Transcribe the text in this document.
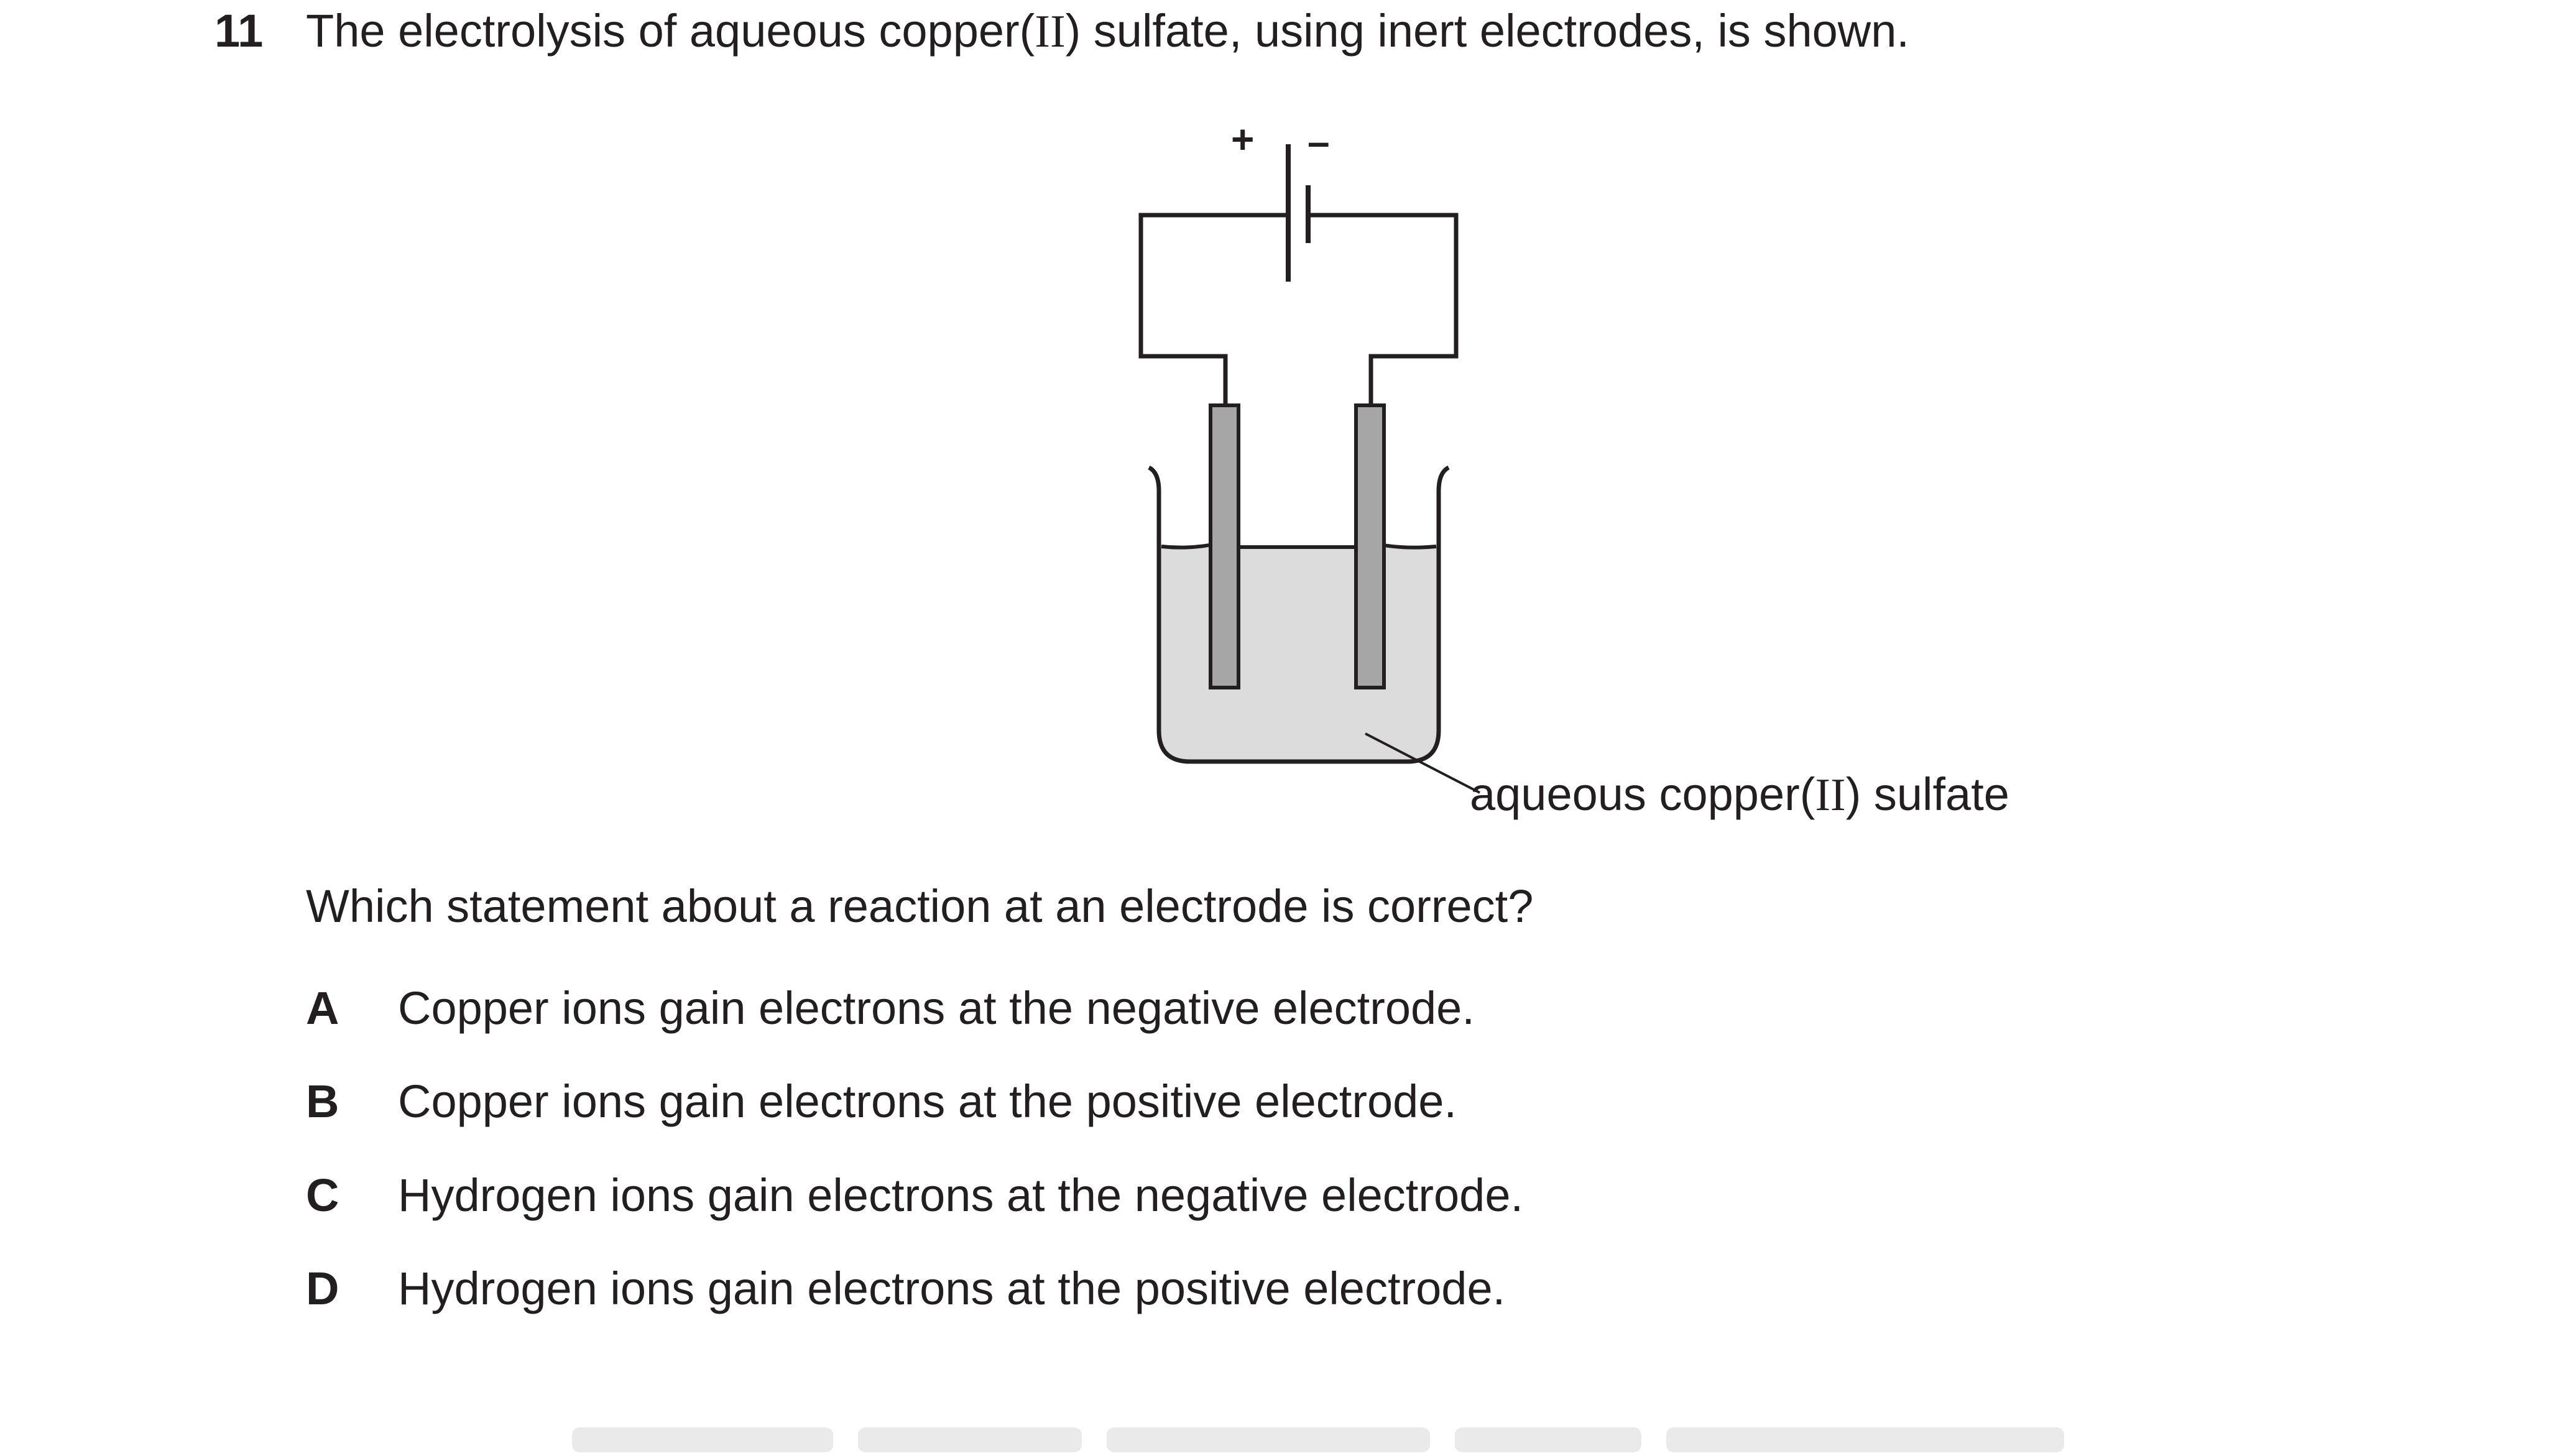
11 The electrolysis of aqueous copper(II) sulfate, using inert electrodes, is shown.
+ –
aqueous copper(II) sulfate
Which statement about a reaction at an electrode is correct?
A Copper ions gain electrons at the negative electrode.
B Copper ions gain electrons at the positive electrode.
C Hydrogen ions gain electrons at the negative electrode.
D Hydrogen ions gain electrons at the positive electrode.
